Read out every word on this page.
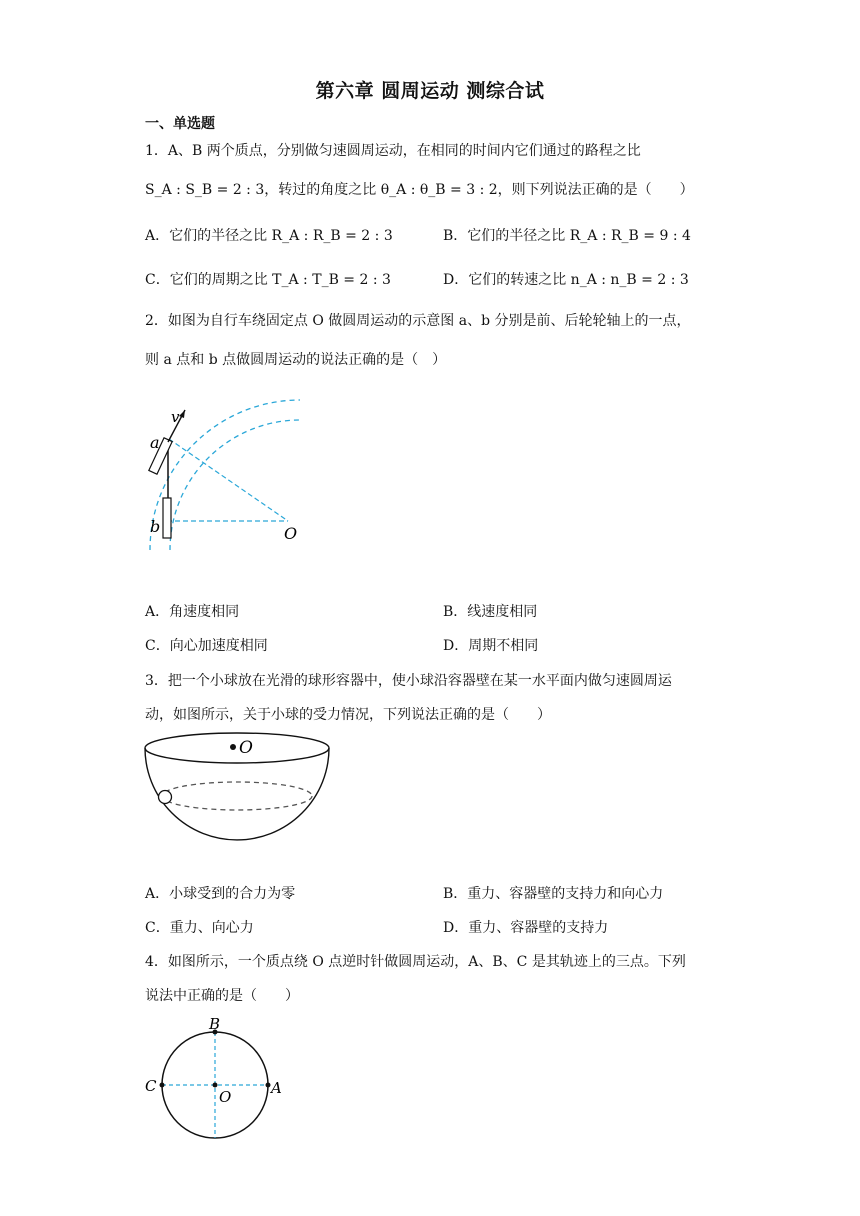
第六章 圆周运动 测综合试
一、单选题
1．A、B 两个质点，分别做匀速圆周运动，在相同的时间内它们通过的路程之比
S_A : S_B = 2 : 3，转过的角度之比 θ_A : θ_B = 3 : 2，则下列说法正确的是（　　）
A．它们的半径之比 R_A : R_B = 2 : 3	B．它们的半径之比 R_A : R_B = 9 : 4
C．它们的周期之比 T_A : T_B = 2 : 3	D．它们的转速之比 n_A : n_B = 2 : 3
2．如图为自行车绕固定点 O 做圆周运动的示意图 a、b 分别是前、后轮轮轴上的一点，
则 a 点和 b 点做圆周运动的说法正确的是（　）
v
a
b	O
A．角速度相同	B．线速度相同
C．向心加速度相同	D．周期不相同
3．把一个小球放在光滑的球形容器中，使小球沿容器壁在某一水平面内做匀速圆周运
动，如图所示，关于小球的受力情况，下列说法正确的是（　　）
O
A．小球受到的合力为零	B．重力、容器壁的支持力和向心力
C．重力、向心力	D．重力、容器壁的支持力
4．如图所示，一个质点绕 O 点逆时针做圆周运动，A、B、C 是其轨迹上的三点。下列
说法中正确的是（　　）
B
C	A
O
